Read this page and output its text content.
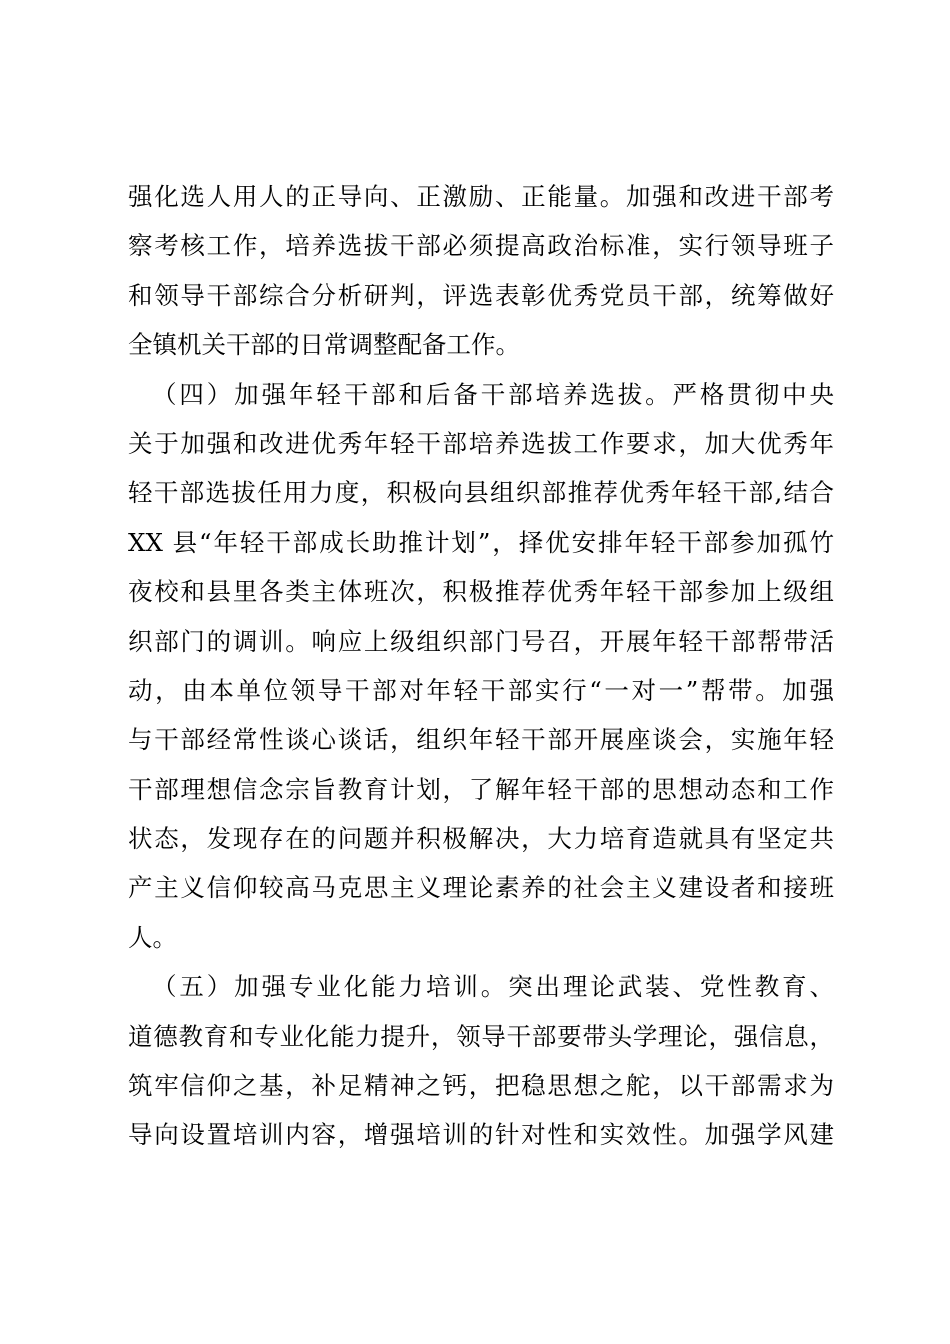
强化选人用人的正导向、正激励、正能量。加强和改进干部考
察考核工作，培养选拔干部必须提高政治标准，实行领导班子
和领导干部综合分析研判，评选表彰优秀党员干部，统筹做好
全镇机关干部的日常调整配备工作。
（四）加强年轻干部和后备干部培养选拔。严格贯彻中央
关于加强和改进优秀年轻干部培养选拔工作要求，加大优秀年
轻干部选拔任用力度，积极向县组织部推荐优秀年轻干部,结合
XX 县“年轻干部成长助推计划”，择优安排年轻干部参加孤竹
夜校和县里各类主体班次，积极推荐优秀年轻干部参加上级组
织部门的调训。响应上级组织部门号召，开展年轻干部帮带活
动，由本单位领导干部对年轻干部实行“一对一”帮带。加强
与干部经常性谈心谈话，组织年轻干部开展座谈会，实施年轻
干部理想信念宗旨教育计划，了解年轻干部的思想动态和工作
状态，发现存在的问题并积极解决，大力培育造就具有坚定共
产主义信仰较高马克思主义理论素养的社会主义建设者和接班
人。
（五）加强专业化能力培训。突出理论武装、党性教育、
道德教育和专业化能力提升，领导干部要带头学理论，强信息，
筑牢信仰之基，补足精神之钙，把稳思想之舵，以干部需求为
导向设置培训内容，增强培训的针对性和实效性。加强学风建
